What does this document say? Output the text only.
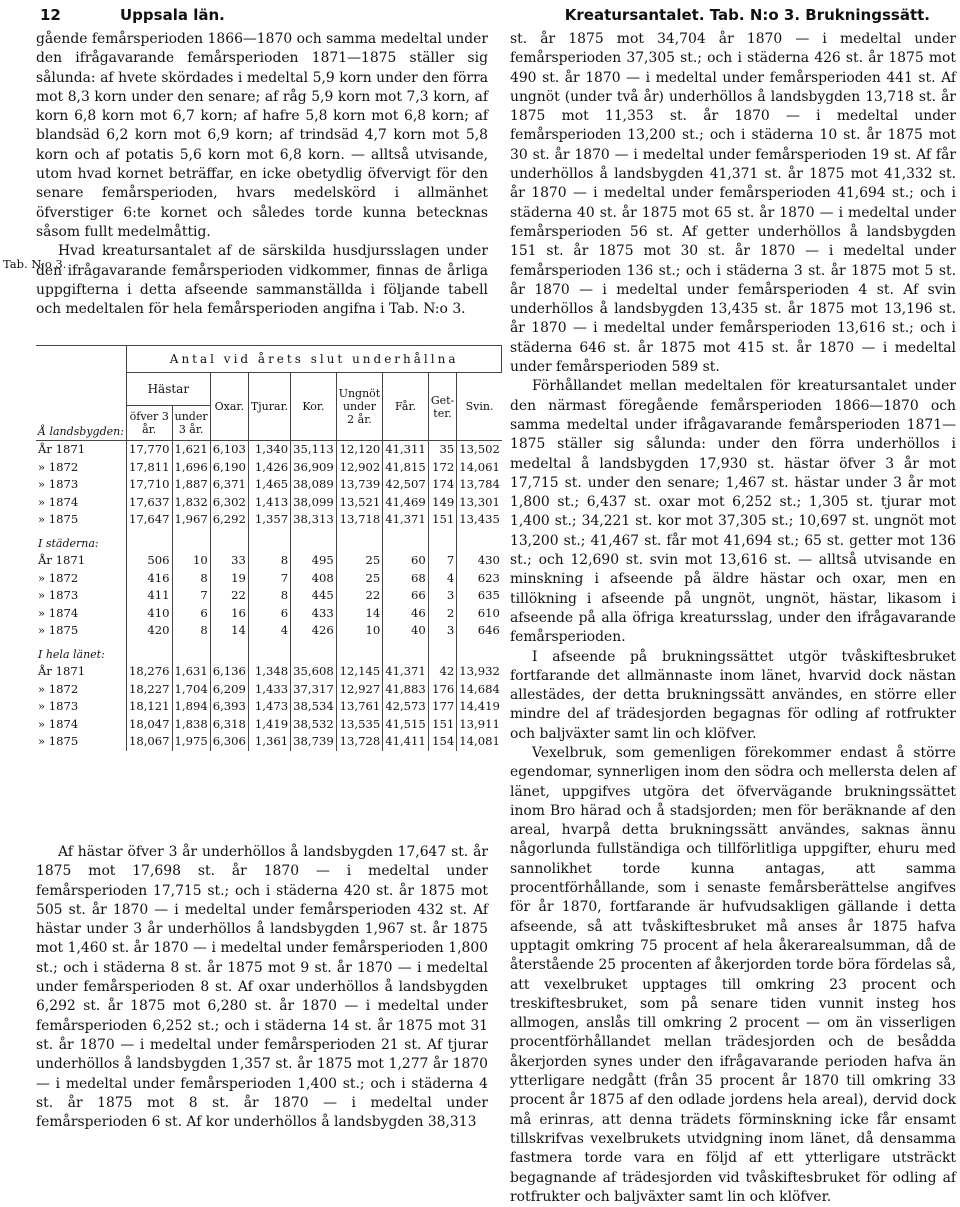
12	Uppsala län.	Kreatursantalet. Tab. N:o 3. Brukningssätt.

gående femårsperioden 1866—1870 och samma medeltal under den ifrågavarande femårsperioden 1871—1875 ställer sig sålunda: af hvete skördades i medeltal 5,9 korn under den förra mot 8,3 korn under den senare; af råg 5,9 korn mot 7,3 korn, af korn 6,8 korn mot 6,7 korn; af hafre 5,8 korn mot 6,8 korn; af blandsäd 6,2 korn mot 6,9 korn; af trindsäd 4,7 korn mot 5,8 korn och af potatis 5,6 korn mot 6,8 korn. — alltså utvisande, utom hvad kornet beträffar, en icke obetydlig öfvervigt för den senare femårsperioden, hvars medelskörd i allmänhet öfverstiger 6:te kornet och således torde kunna betecknas såsom fullt medelmåttig.

Hvad kreatursantalet af de särskilda husdjursslagen under den ifrågavarande femårsperioden vidkommer, finnas de årliga uppgifterna i detta afseende sammanställda i följande tabell och medeltalen för hela femårsperioden angifna i Tab. N:o 3.

Tab. N:o 3.
Å landsbygden:	Antal vid årets slut underhållna								
	Hästar		Oxar.	Tjurar.	Kor.	Ungnöt under 2 år.	Får.	Get-ter.	Svin.
	öfver 3 år.	under 3 år.							
År 1871	17,770	1,621	6,103	1,340	35,113	12,120	41,311	35	13,502
» 1872	17,811	1,696	6,190	1,426	36,909	12,902	41,815	172	14,061
» 1873	17,710	1,887	6,371	1,465	38,089	13,739	42,507	174	13,784
» 1874	17,637	1,832	6,302	1,413	38,099	13,521	41,469	149	13,301
» 1875	17,647	1,967	6,292	1,357	38,313	13,718	41,371	151	13,435
I städerna:									
År 1871	506	10	33	8	495	25	60	7	430
» 1872	416	8	19	7	408	25	68	4	623
» 1873	411	7	22	8	445	22	66	3	635
» 1874	410	6	16	6	433	14	46	2	610
» 1875	420	8	14	4	426	10	40	3	646
I hela länet:									
År 1871	18,276	1,631	6,136	1,348	35,608	12,145	41,371	42	13,932
» 1872	18,227	1,704	6,209	1,433	37,317	12,927	41,883	176	14,684
» 1873	18,121	1,894	6,393	1,473	38,534	13,761	42,573	177	14,419
» 1874	18,047	1,838	6,318	1,419	38,532	13,535	41,515	151	13,911
» 1875	18,067	1,975	6,306	1,361	38,739	13,728	41,411	154	14,081

Af hästar öfver 3 år underhöllos å landsbygden 17,647 st. år 1875 mot 17,698 st. år 1870 — i medeltal under femårsperioden 17,715 st.; och i städerna 420 st. år 1875 mot 505 st. år 1870 — i medeltal under femårsperioden 432 st. Af hästar under 3 år underhöllos å landsbygden 1,967 st. år 1875 mot 1,460 st. år 1870 — i medeltal under femårsperioden 1,800 st.; och i städerna 8 st. år 1875 mot 9 st. år 1870 — i medeltal under femårsperioden 8 st. Af oxar underhöllos å landsbygden 6,292 st. år 1875 mot 6,280 st. år 1870 — i medeltal under femårsperioden 6,252 st.; och i städerna 14 st. år 1875 mot 31 st. år 1870 — i medeltal under femårsperioden 21 st. Af tjurar underhöllos å landsbygden 1,357 st. år 1875 mot 1,277 år 1870 — i medeltal under femårsperioden 1,400 st.; och i städerna 4 st. år 1875 mot 8 st. år 1870 — i medeltal under femårsperioden 6 st. Af kor underhöllos å landsbygden 38,313

st. år 1875 mot 34,704 år 1870 — i medeltal under femårsperioden 37,305 st.; och i städerna 426 st. år 1875 mot 490 st. år 1870 — i medeltal under femårsperioden 441 st. Af ungnöt (under två år) underhöllos å landsbygden 13,718 st. år 1875 mot 11,353 st. år 1870 — i medeltal under femårsperioden 13,200 st.; och i städerna 10 st. år 1875 mot 30 st. år 1870 — i medeltal under femårsperioden 19 st. Af får underhöllos å landsbygden 41,371 st. år 1875 mot 41,332 st. år 1870 — i medeltal under femårsperioden 41,694 st.; och i städerna 40 st. år 1875 mot 65 st. år 1870 — i medeltal under femårsperioden 56 st. Af getter underhöllos å landsbygden 151 st. år 1875 mot 30 st. år 1870 — i medeltal under femårsperioden 136 st.; och i städerna 3 st. år 1875 mot 5 st. år 1870 — i medeltal under femårsperioden 4 st. Af svin underhöllos å landsbygden 13,435 st. år 1875 mot 13,196 st. år 1870 — i medeltal under femårsperioden 13,616 st.; och i städerna 646 st. år 1875 mot 415 st. år 1870 — i medeltal under femårsperioden 589 st.

Förhållandet mellan medeltalen för kreatursantalet under den närmast föregående femårsperioden 1866—1870 och samma medeltal under ifrågavarande femårsperioden 1871—1875 ställer sig sålunda: under den förra underhöllos i medeltal å landsbygden 17,930 st. hästar öfver 3 år mot 17,715 st. under den senare; 1,467 st. hästar under 3 år mot 1,800 st.; 6,437 st. oxar mot 6,252 st.; 1,305 st. tjurar mot 1,400 st.; 34,221 st. kor mot 37,305 st.; 10,697 st. ungnöt mot 13,200 st.; 41,467 st. får mot 41,694 st.; 65 st. getter mot 136 st.; och 12,690 st. svin mot 13,616 st. — alltså utvisande en minskning i afseende på äldre hästar och oxar, men en tillökning i afseende på ungnöt, ungnöt, hästar, likasom i afseende på alla öfriga kreatursslag, under den ifrågavarande femårsperioden.

I afseende på brukningssättet utgör tvåskiftesbruket fortfarande det allmännaste inom länet, hvarvid dock nästan allestädes, der detta brukningssätt användes, en större eller mindre del af trädesjorden begagnas för odling af rotfrukter och baljväxter samt lin och klöfver.

Vexelbruk, som gemenligen förekommer endast å större egendomar, synnerligen inom den södra och mellersta delen af länet, uppgifves utgöra det öfvervägande brukningssättet inom Bro härad och å stadsjorden; men för beräknande af den areal, hvarpå detta brukningssätt användes, saknas ännu någorlunda fullständiga och tillförlitliga uppgifter, ehuru med sannolikhet torde kunna antagas, att samma procentförhållande, som i senaste femårsberättelse angifves för år 1870, fortfarande är hufvudsakligen gällande i detta afseende, så att tvåskiftesbruket må anses år 1875 hafva upptagit omkring 75 procent af hela åkerarealsumman, då de återstående 25 procenten af åkerjorden torde böra fördelas så, att vexelbruket upptages till omkring 23 procent och treskiftesbruket, som på senare tiden vunnit insteg hos allmogen, anslås till omkring 2 procent — om än visserligen procentförhållandet mellan trädesjorden och de besådda åkerjorden synes under den ifrågavarande perioden hafva än ytterligare nedgått (från 35 procent år 1870 till omkring 33 procent år 1875 af den odlade jordens hela areal), dervid dock må erinras, att denna trädets förminskning icke får ensamt tillskrifvas vexelbrukets utvidgning inom länet, då densamma fastmera torde vara en följd af ett ytterligare utsträckt begagnande af trädesjorden vid tvåskiftesbruket för odling af rotfrukter och baljväxter samt lin och klöfver.
